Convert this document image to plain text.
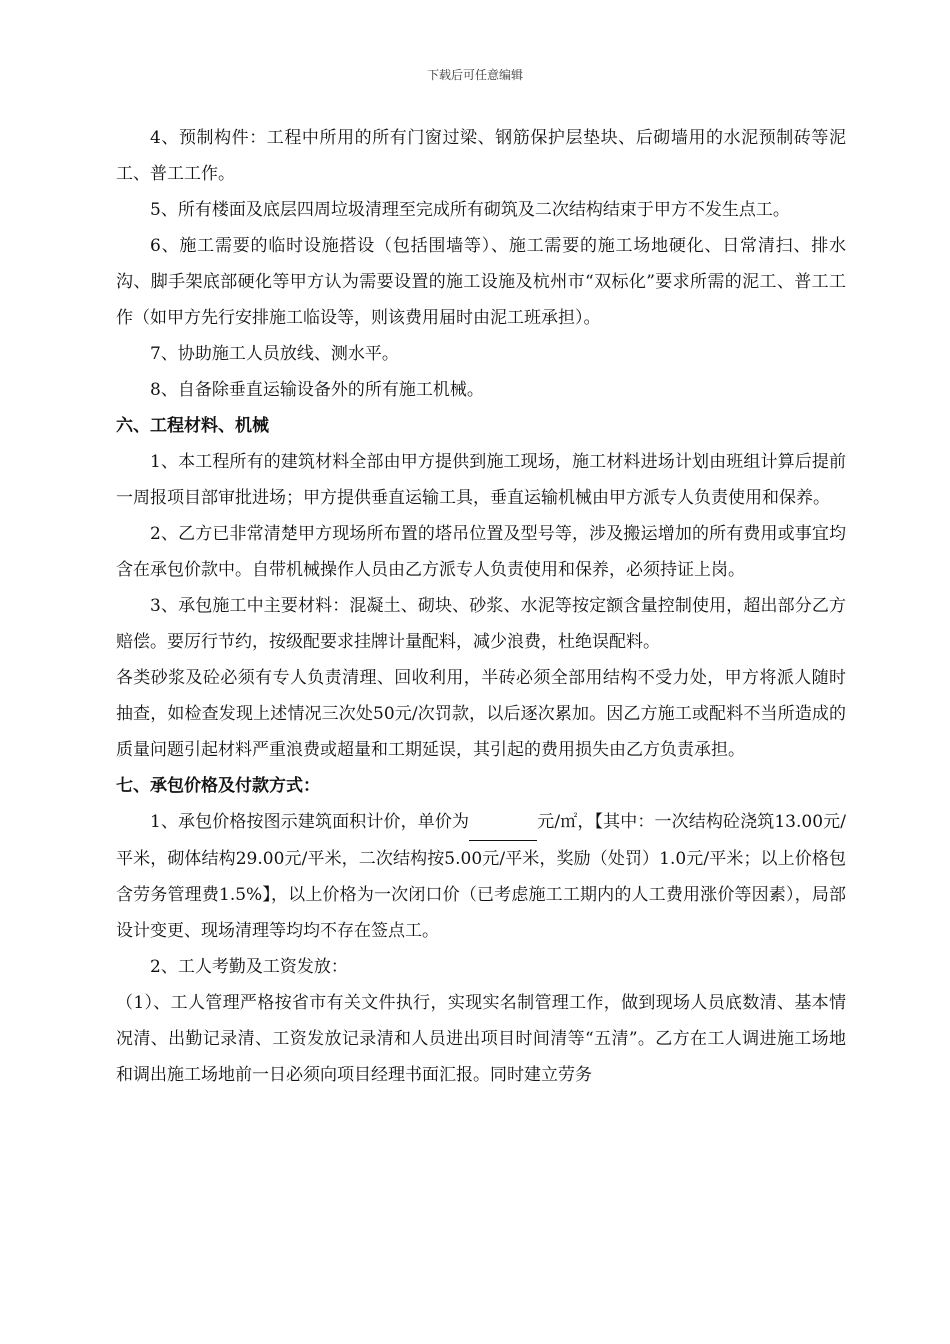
下载后可任意编辑

4、预制构件：工程中所用的所有门窗过梁、钢筋保护层垫块、后砌墙用的水泥预制砖等泥工、普工工作。

5、所有楼面及底层四周垃圾清理至完成所有砌筑及二次结构结束于甲方不发生点工。

6、施工需要的临时设施搭设（包括围墙等）、施工需要的施工场地硬化、日常清扫、排水沟、脚手架底部硬化等甲方认为需要设置的施工设施及杭州市“双标化”要求所需的泥工、普工工作（如甲方先行安排施工临设等，则该费用届时由泥工班承担）。

7、协助施工人员放线、测水平。

8、自备除垂直运输设备外的所有施工机械。

六、工程材料、机械

1、本工程所有的建筑材料全部由甲方提供到施工现场，施工材料进场计划由班组计算后提前一周报项目部审批进场；甲方提供垂直运输工具，垂直运输机械由甲方派专人负责使用和保养。

2、乙方已非常清楚甲方现场所布置的塔吊位置及型号等，涉及搬运增加的所有费用或事宜均含在承包价款中。自带机械操作人员由乙方派专人负责使用和保养，必须持证上岗。

3、承包施工中主要材料：混凝土、砌块、砂浆、水泥等按定额含量控制使用，超出部分乙方赔偿。要厉行节约，按级配要求挂牌计量配料，减少浪费，杜绝误配料。

各类砂浆及砼必须有专人负责清理、回收利用，半砖必须全部用结构不受力处，甲方将派人随时抽查，如检查发现上述情况三次处50元/次罚款，以后逐次累加。因乙方施工或配料不当所造成的质量问题引起材料严重浪费或超量和工期延误，其引起的费用损失由乙方负责承担。

七、承包价格及付款方式：

1、承包价格按图示建筑面积计价，单价为	元/㎡，【其中：一次结构砼浇筑13.00元/平米，砌体结构29.00元/平米，二次结构按5.00元/平米，奖励（处罚）1.0元/平米；以上价格包含劳务管理费1.5%】，以上价格为一次闭口价（已考虑施工工期内的人工费用涨价等因素），局部设计变更、现场清理等均均不存在签点工。

2、工人考勤及工资发放：

（1）、工人管理严格按省市有关文件执行，实现实名制管理工作，做到现场人员底数清、基本情况清、出勤记录清、工资发放记录清和人员进出项目时间清等“五清”。乙方在工人调进施工场地和调出施工场地前一日必须向项目经理书面汇报。同时建立劳务
